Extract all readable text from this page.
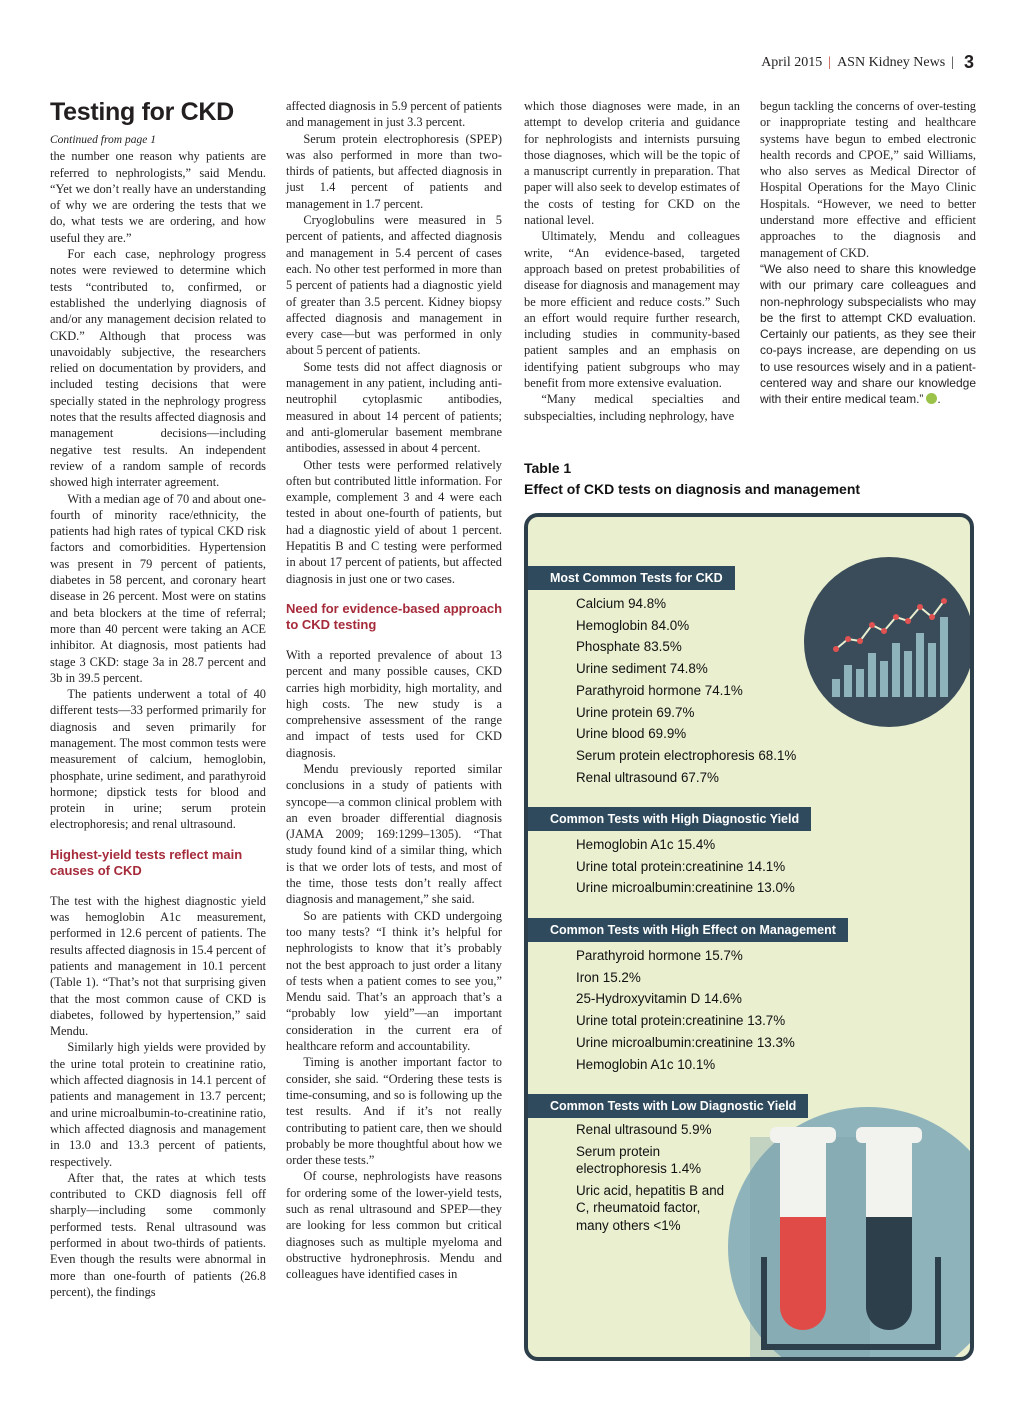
April 2015 | ASN Kidney News | 3
Testing for CKD

Continued from page 1

the number one reason why patients are referred to nephrologists,” said Mendu. “Yet we don’t really have an understanding of why we are ordering the tests that we do, what tests we are ordering, and how useful they are.”

For each case, nephrology progress notes were reviewed to determine which tests “contributed to, confirmed, or established the underlying diagnosis of and/or any management decision related to CKD.” Although that process was unavoidably subjective, the researchers relied on documentation by providers, and included testing decisions that were specially stated in the nephrology progress notes that the results affected diagnosis and management decisions—including negative test results. An independent review of a random sample of records showed high interrater agreement.

With a median age of 70 and about one-fourth of minority race/ethnicity, the patients had high rates of typical CKD risk factors and comorbidities. Hypertension was present in 79 percent of patients, diabetes in 58 percent, and coronary heart disease in 26 percent. Most were on statins and beta blockers at the time of referral; more than 40 percent were taking an ACE inhibitor. At diagnosis, most patients had stage 3 CKD: stage 3a in 28.7 percent and 3b in 39.5 percent.

The patients underwent a total of 40 different tests—33 performed primarily for diagnosis and seven primarily for management. The most common tests were measurement of calcium, hemoglobin, phosphate, urine sediment, and parathyroid hormone; dipstick tests for blood and protein in urine; serum protein electrophoresis; and renal ultrasound.

Highest-yield tests reflect main causes of CKD

The test with the highest diagnostic yield was hemoglobin A1c measurement, performed in 12.6 percent of patients. The results affected diagnosis in 15.4 percent of patients and management in 10.1 percent (Table 1). “That’s not that surprising given that the most common cause of CKD is diabetes, followed by hypertension,” said Mendu.

Similarly high yields were provided by the urine total protein to creatinine ratio, which affected diagnosis in 14.1 percent of patients and management in 13.7 percent; and urine microalbumin-to-creatinine ratio, which affected diagnosis and management in 13.0 and 13.3 percent of patients, respectively.

After that, the rates at which tests contributed to CKD diagnosis fell off sharply—including some commonly performed tests. Renal ultrasound was performed in about two-thirds of patients. Even though the results were abnormal in more than one-fourth of patients (26.8 percent), the findings

affected diagnosis in 5.9 percent of patients and management in just 3.3 percent.

Serum protein electrophoresis (SPEP) was also performed in more than two-thirds of patients, but affected diagnosis in just 1.4 percent of patients and management in 1.7 percent.

Cryoglobulins were measured in 5 percent of patients, and affected diagnosis and management in 5.4 percent of cases each. No other test performed in more than 5 percent of patients had a diagnostic yield of greater than 3.5 percent. Kidney biopsy affected diagnosis and management in every case—but was performed in only about 5 percent of patients.

Some tests did not affect diagnosis or management in any patient, including anti-neutrophil cytoplasmic antibodies, measured in about 14 percent of patients; and anti-glomerular basement membrane antibodies, assessed in about 4 percent.

Other tests were performed relatively often but contributed little information. For example, complement 3 and 4 were each tested in about one-fourth of patients, but had a diagnostic yield of about 1 percent. Hepatitis B and C testing were performed in about 17 percent of patients, but affected diagnosis in just one or two cases.

Need for evidence-based approach to CKD testing

With a reported prevalence of about 13 percent and many possible causes, CKD carries high morbidity, high mortality, and high costs. The new study is a comprehensive assessment of the range and impact of tests used for CKD diagnosis.

Mendu previously reported similar conclusions in a study of patients with syncope—a common clinical problem with an even broader differential diagnosis (JAMA 2009; 169:1299–1305). “That study found kind of a similar thing, which is that we order lots of tests, and most of the time, those tests don’t really affect diagnosis and management,” she said.

So are patients with CKD undergoing too many tests? “I think it’s helpful for nephrologists to know that it’s probably not the best approach to just order a litany of tests when a patient comes to see you,” Mendu said. That’s an approach that’s a “probably low yield”—an important consideration in the current era of healthcare reform and accountability.

Timing is another important factor to consider, she said. “Ordering these tests is time-consuming, and so is following up the test results. And if it’s not really contributing to patient care, then we should probably be more thoughtful about how we order these tests.”

Of course, nephrologists have reasons for ordering some of the lower-yield tests, such as renal ultrasound and SPEP—they are looking for less common but critical diagnoses such as multiple myeloma and obstructive hydronephrosis. Mendu and colleagues have identified cases in

which those diagnoses were made, in an attempt to develop criteria and guidance for nephrologists and internists pursuing those diagnoses, which will be the topic of a manuscript currently in preparation. That paper will also seek to develop estimates of the costs of testing for CKD on the national level.

Ultimately, Mendu and colleagues write, “An evidence-based, targeted approach based on pretest probabilities of disease for diagnosis and management may be more efficient and reduce costs.” Such an effort would require further research, including studies in community-based patient samples and an emphasis on identifying patient subgroups who may benefit from more extensive evaluation.

“Many medical specialties and subspecialties, including nephrology, have

begun tackling the concerns of over-testing or inappropriate testing and healthcare systems have begun to embed electronic health records and CPOE,” said Williams, who also serves as Medical Director of Hospital Operations for the Mayo Clinic Hospitals. “However, we need to better understand more effective and efficient approaches to the diagnosis and management of CKD.

“We also need to share this knowledge with our primary care colleagues and non-nephrology subspecialists who may be the first to attempt CKD evaluation. Certainly our patients, as they see their co-pays increase, are depending on us to use resources wisely and in a patient-centered way and share our knowledge with their entire medical team.” .

Table 1
Effect of CKD tests on diagnosis and management
Most Common Tests for CKD
Calcium 94.8%
Hemoglobin 84.0%
Phosphate 83.5%
Urine sediment 74.8%
Parathyroid hormone 74.1%
Urine protein 69.7%
Urine blood 69.9%
Serum protein electrophoresis 68.1%
Renal ultrasound 67.7%
Common Tests with High Diagnostic Yield
Hemoglobin A1c 15.4%
Urine total protein:creatinine 14.1%
Urine microalbumin:creatinine 13.0%
Common Tests with High Effect on Management
Parathyroid hormone 15.7%
Iron 15.2%
25-Hydroxyvitamin D 14.6%
Urine total protein:creatinine 13.7%
Urine microalbumin:creatinine 13.3%
Hemoglobin A1c 10.1%
Common Tests with Low Diagnostic Yield
Renal ultrasound 5.9%
Serum protein electrophoresis 1.4%
Uric acid, hepatitis B and C, rheumatoid factor, many others <1%
